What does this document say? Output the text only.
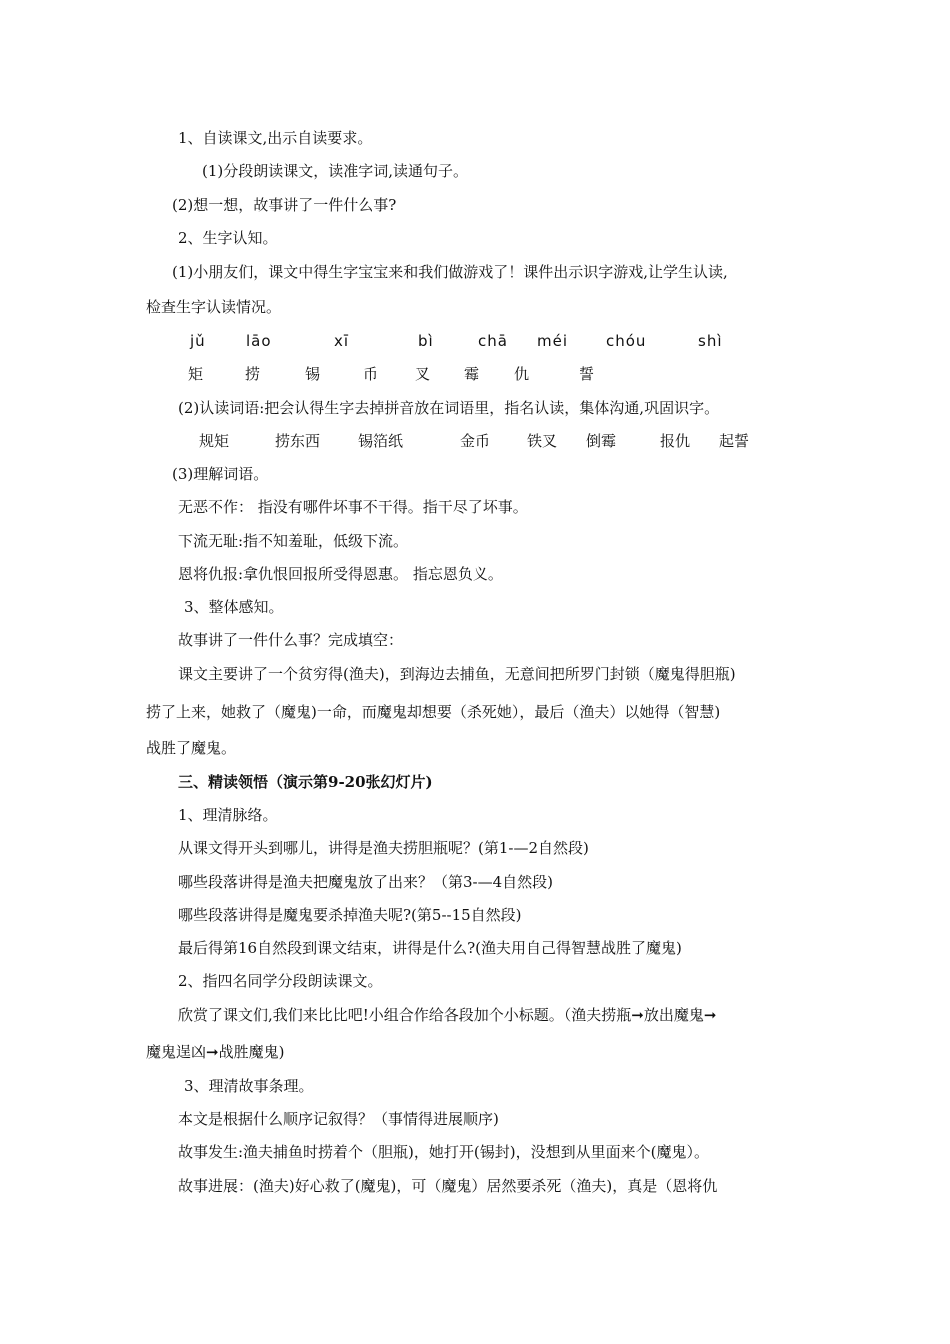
1、自读课文,出示自读要求。

(1)分段朗读课文，读准字词,读通句子。

(2)想一想，故事讲了一件什么事?

2、生字认知。

(1)小朋友们，课文中得生字宝宝来和我们做游戏了！课件出示识字游戏,让学生认读,

检查生字认读情况。

jǔ	lāo	xī	bì	chā méi	chóu	shì
矩	捞	锡	币 叉 霉 仇	誓

(2)认读词语:把会认得生字去掉拼音放在词语里，指名认读，集体沟通,巩固识字。

规矩	捞东西	锡箔纸	金币 铁叉 倒霉	报仇 起誓

(3)理解词语。

无恶不作： 指没有哪件坏事不干得。指干尽了坏事。

下流无耻:指不知羞耻，低级下流。

恩将仇报:拿仇恨回报所受得恩惠。 指忘恩负义。

3、整体感知。

故事讲了一件什么事？完成填空：

课文主要讲了一个贫穷得(渔夫)，到海边去捕鱼，无意间把所罗门封锁（魔鬼得胆瓶)

捞了上来，她救了（魔鬼)一命，而魔鬼却想要（杀死她），最后（渔夫）以她得（智慧)

战胜了魔鬼。

三、精读领悟（演示第9-20张幻灯片)

1、理清脉络。

从课文得开头到哪儿，讲得是渔夫捞胆瓶呢？(第1-—2自然段)

哪些段落讲得是渔夫把魔鬼放了出来？（第3-—4自然段)

哪些段落讲得是魔鬼要杀掉渔夫呢?(第5--15自然段)

最后得第16自然段到课文结束，讲得是什么?(渔夫用自己得智慧战胜了魔鬼)

2、指四名同学分段朗读课文。

欣赏了课文们,我们来比比吧!小组合作给各段加个小标题。（渔夫捞瓶➞放出魔鬼➞

魔鬼逞凶➞战胜魔鬼)

3、理清故事条理。

本文是根据什么顺序记叙得？（事情得进展顺序)

故事发生:渔夫捕鱼时捞着个（胆瓶)，她打开(锡封)，没想到从里面来个(魔鬼）。

故事进展：(渔夫)好心救了(魔鬼)，可（魔鬼）居然要杀死（渔夫)，真是（恩将仇
